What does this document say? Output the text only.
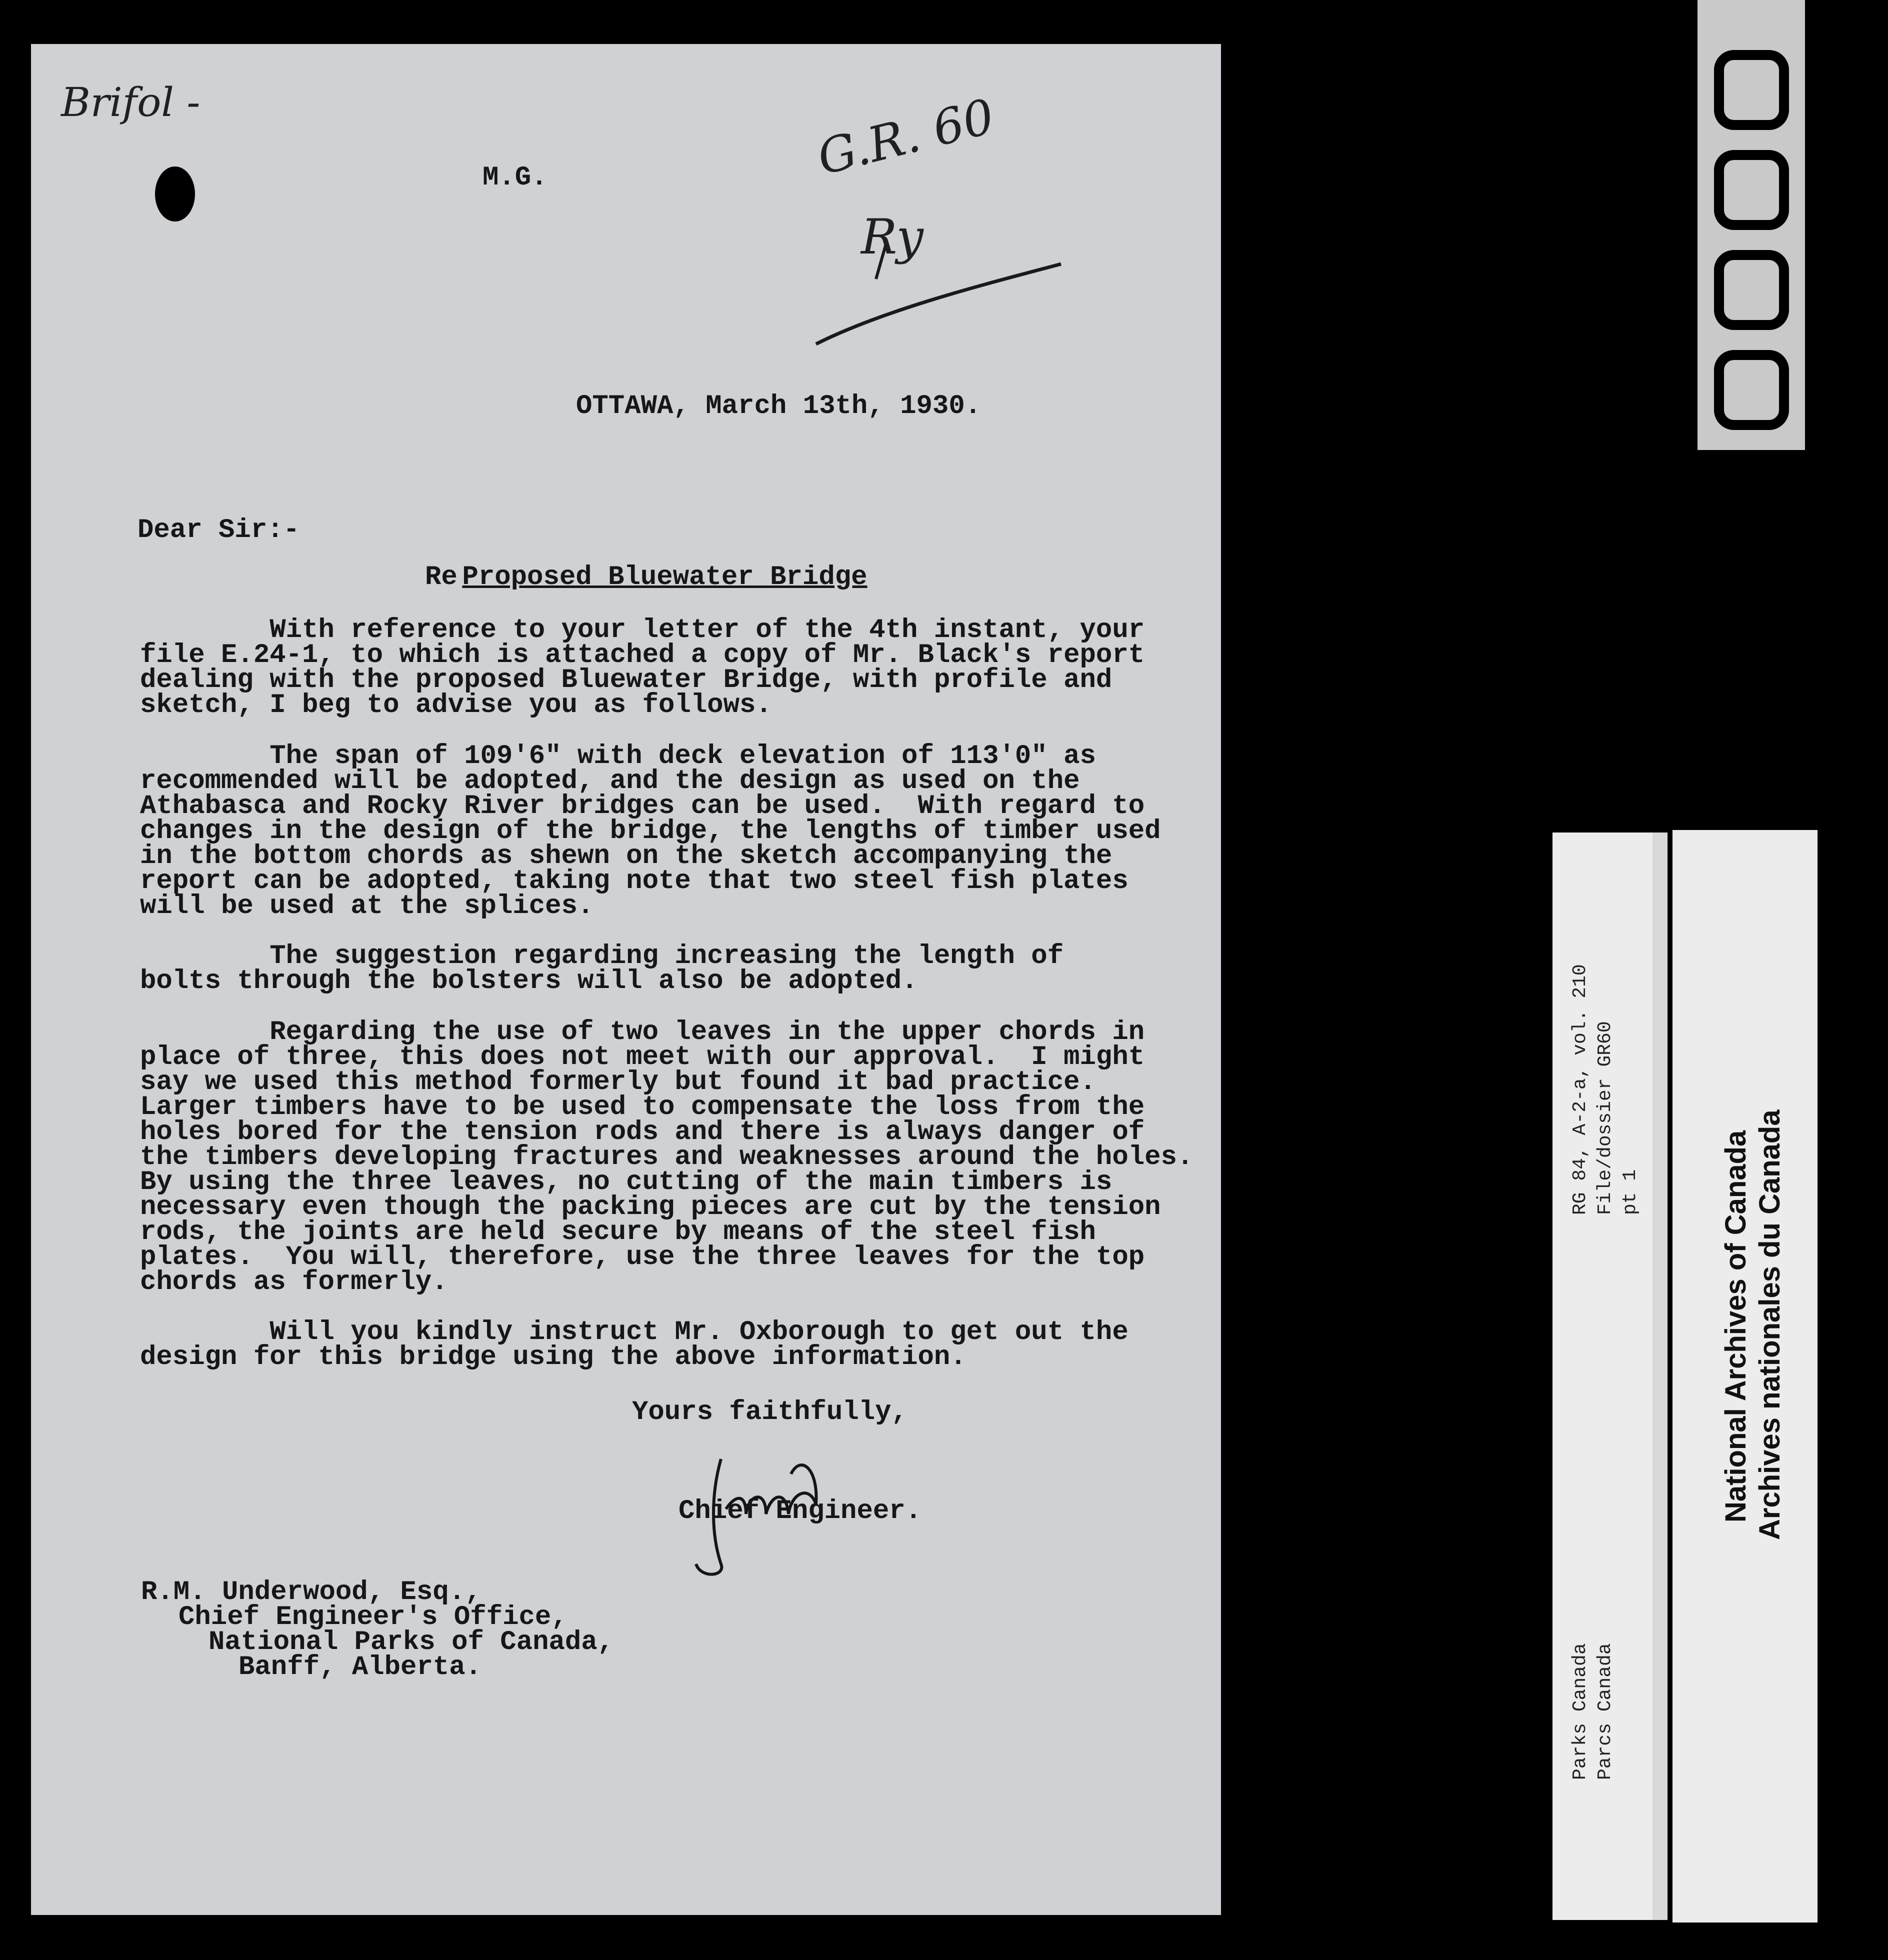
Brifol -	G.R. 60
Ry

M.G.

OTTAWA, March 13th, 1930.

Dear Sir:-

Re Proposed Bluewater Bridge

With reference to your letter of the 4th instant, your
file E.24-1, to which is attached a copy of Mr. Black's report
dealing with the proposed Bluewater Bridge, with profile and
sketch, I beg to advise you as follows.

The span of 109'6" with deck elevation of 113'0" as
recommended will be adopted, and the design as used on the
Athabasca and Rocky River bridges can be used.  With regard to
changes in the design of the bridge, the lengths of timber used
in the bottom chords as shewn on the sketch accompanying the
report can be adopted, taking note that two steel fish plates
will be used at the splices.

The suggestion regarding increasing the length of
bolts through the bolsters will also be adopted.

Regarding the use of two leaves in the upper chords in
place of three, this does not meet with our approval.  I might
say we used this method formerly but found it bad practice.
Larger timbers have to be used to compensate the loss from the
holes bored for the tension rods and there is always danger of
the timbers developing fractures and weaknesses around the holes.
By using the three leaves, no cutting of the main timbers is
necessary even though the packing pieces are cut by the tension
rods, the joints are held secure by means of the steel fish
plates.  You will, therefore, use the three leaves for the top
chords as formerly.

Will you kindly instruct Mr. Oxborough to get out the
design for this bridge using the above information.

Yours faithfully,

Chief Engineer.

R.M. Underwood, Esq.,

Chief Engineer's Office,

National Parks of Canada,

Banff, Alberta.

RG 84, A-2-a, vol. 210 File/dossier GR60 pt 1
Parks Canada Parcs Canada
National Archives of Canada Archives nationales du Canada
